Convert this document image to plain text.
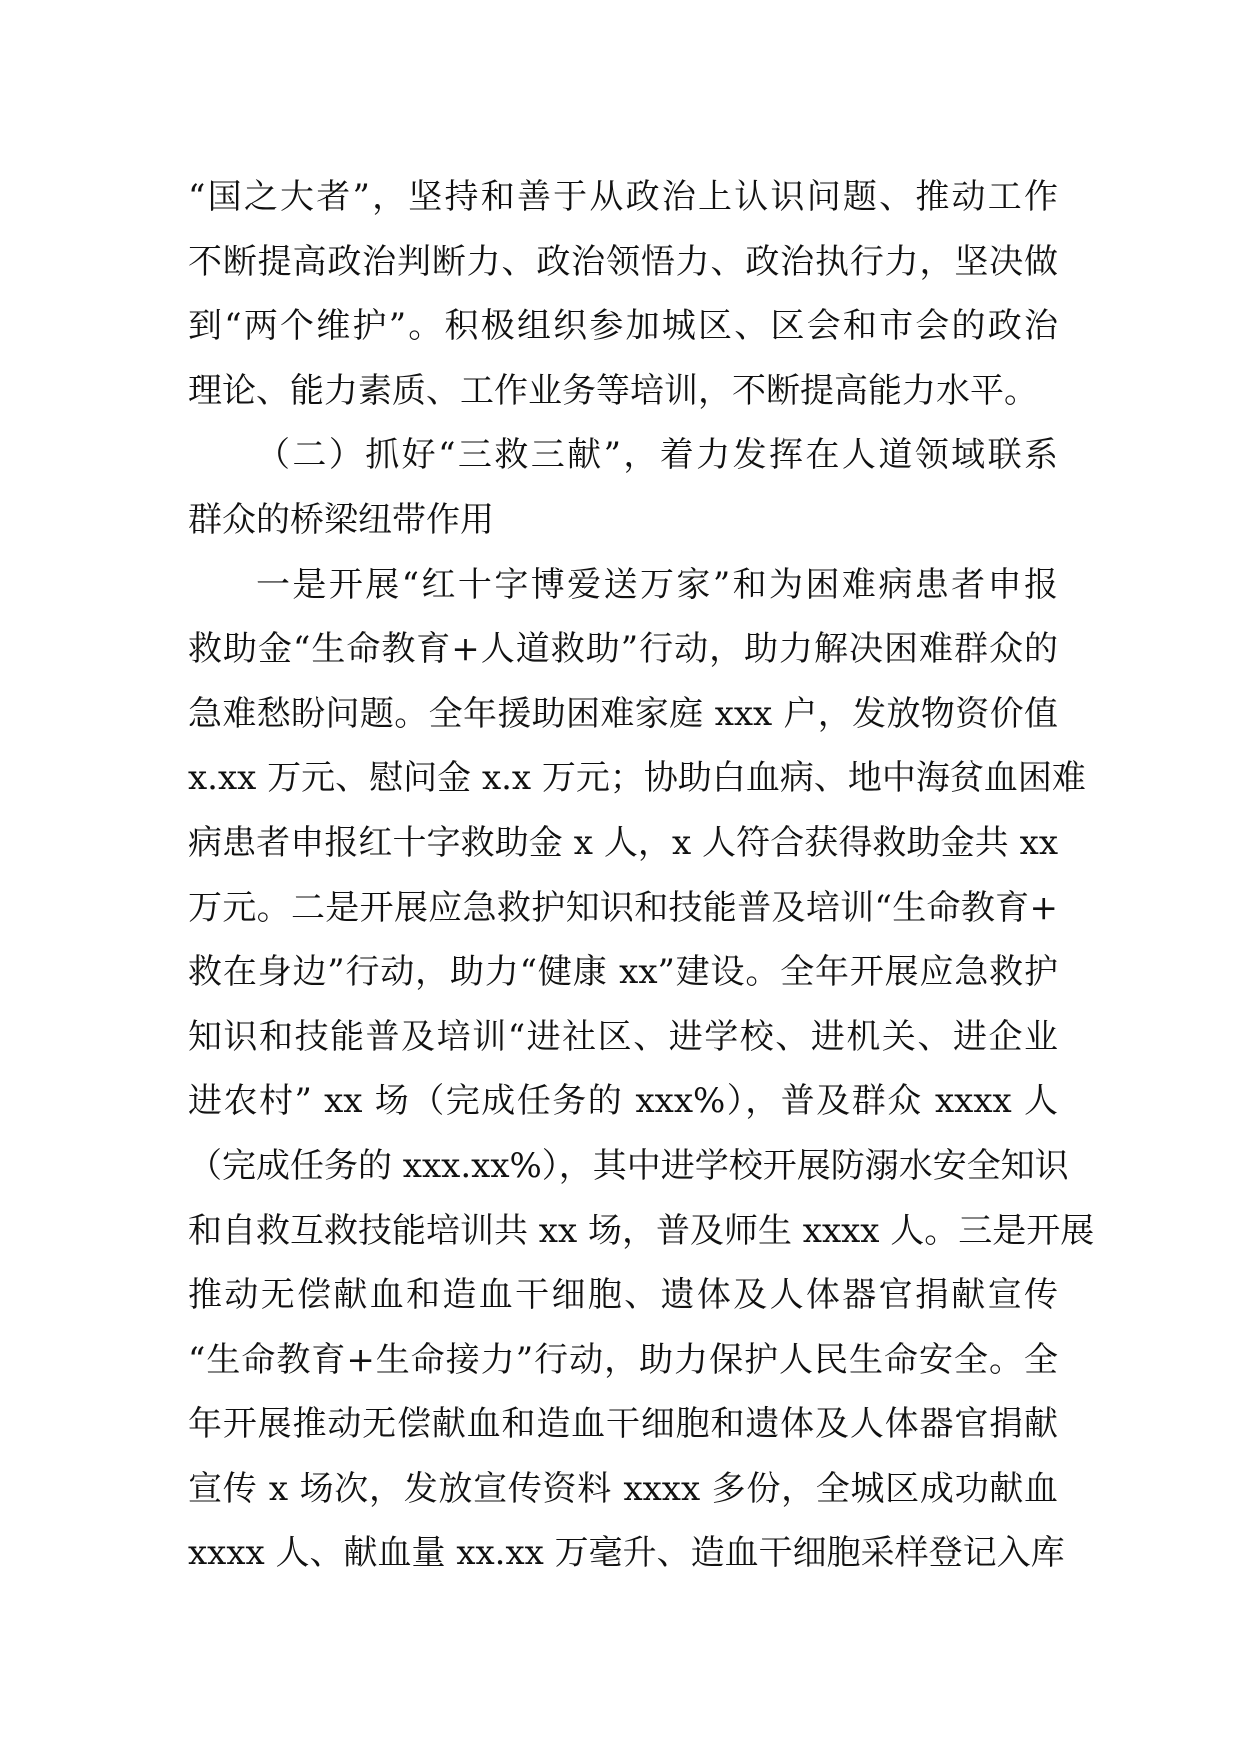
“国之大者”，坚持和善于从政治上认识问题、推动工作
不断提高政治判断力、政治领悟力、政治执行力，坚决做
到“两个维护”。积极组织参加城区、区会和市会的政治
理论、能力素质、工作业务等培训，不断提高能力水平。
（二）抓好“三救三献”，着力发挥在人道领域联系
群众的桥梁纽带作用
一是开展“红十字博爱送万家”和为困难病患者申报
救助金“生命教育+人道救助”行动，助力解决困难群众的
急难愁盼问题。全年援助困难家庭 xxx 户，发放物资价值
x.xx 万元、慰问金 x.x 万元；协助白血病、地中海贫血困难
病患者申报红十字救助金 x 人，x 人符合获得救助金共 xx
万元。二是开展应急救护知识和技能普及培训“生命教育+
救在身边”行动，助力“健康 xx”建设。全年开展应急救护
知识和技能普及培训“进社区、进学校、进机关、进企业
进农村” xx 场（完成任务的 xxx%），普及群众 xxxx 人
（完成任务的 xxx.xx%），其中进学校开展防溺水安全知识
和自救互救技能培训共 xx 场，普及师生 xxxx 人。三是开展
推动无偿献血和造血干细胞、遗体及人体器官捐献宣传
“生命教育+生命接力”行动，助力保护人民生命安全。全
年开展推动无偿献血和造血干细胞和遗体及人体器官捐献
宣传 x 场次，发放宣传资料 xxxx 多份，全城区成功献血
xxxx 人、献血量 xx.xx 万毫升、造血干细胞采样登记入库
